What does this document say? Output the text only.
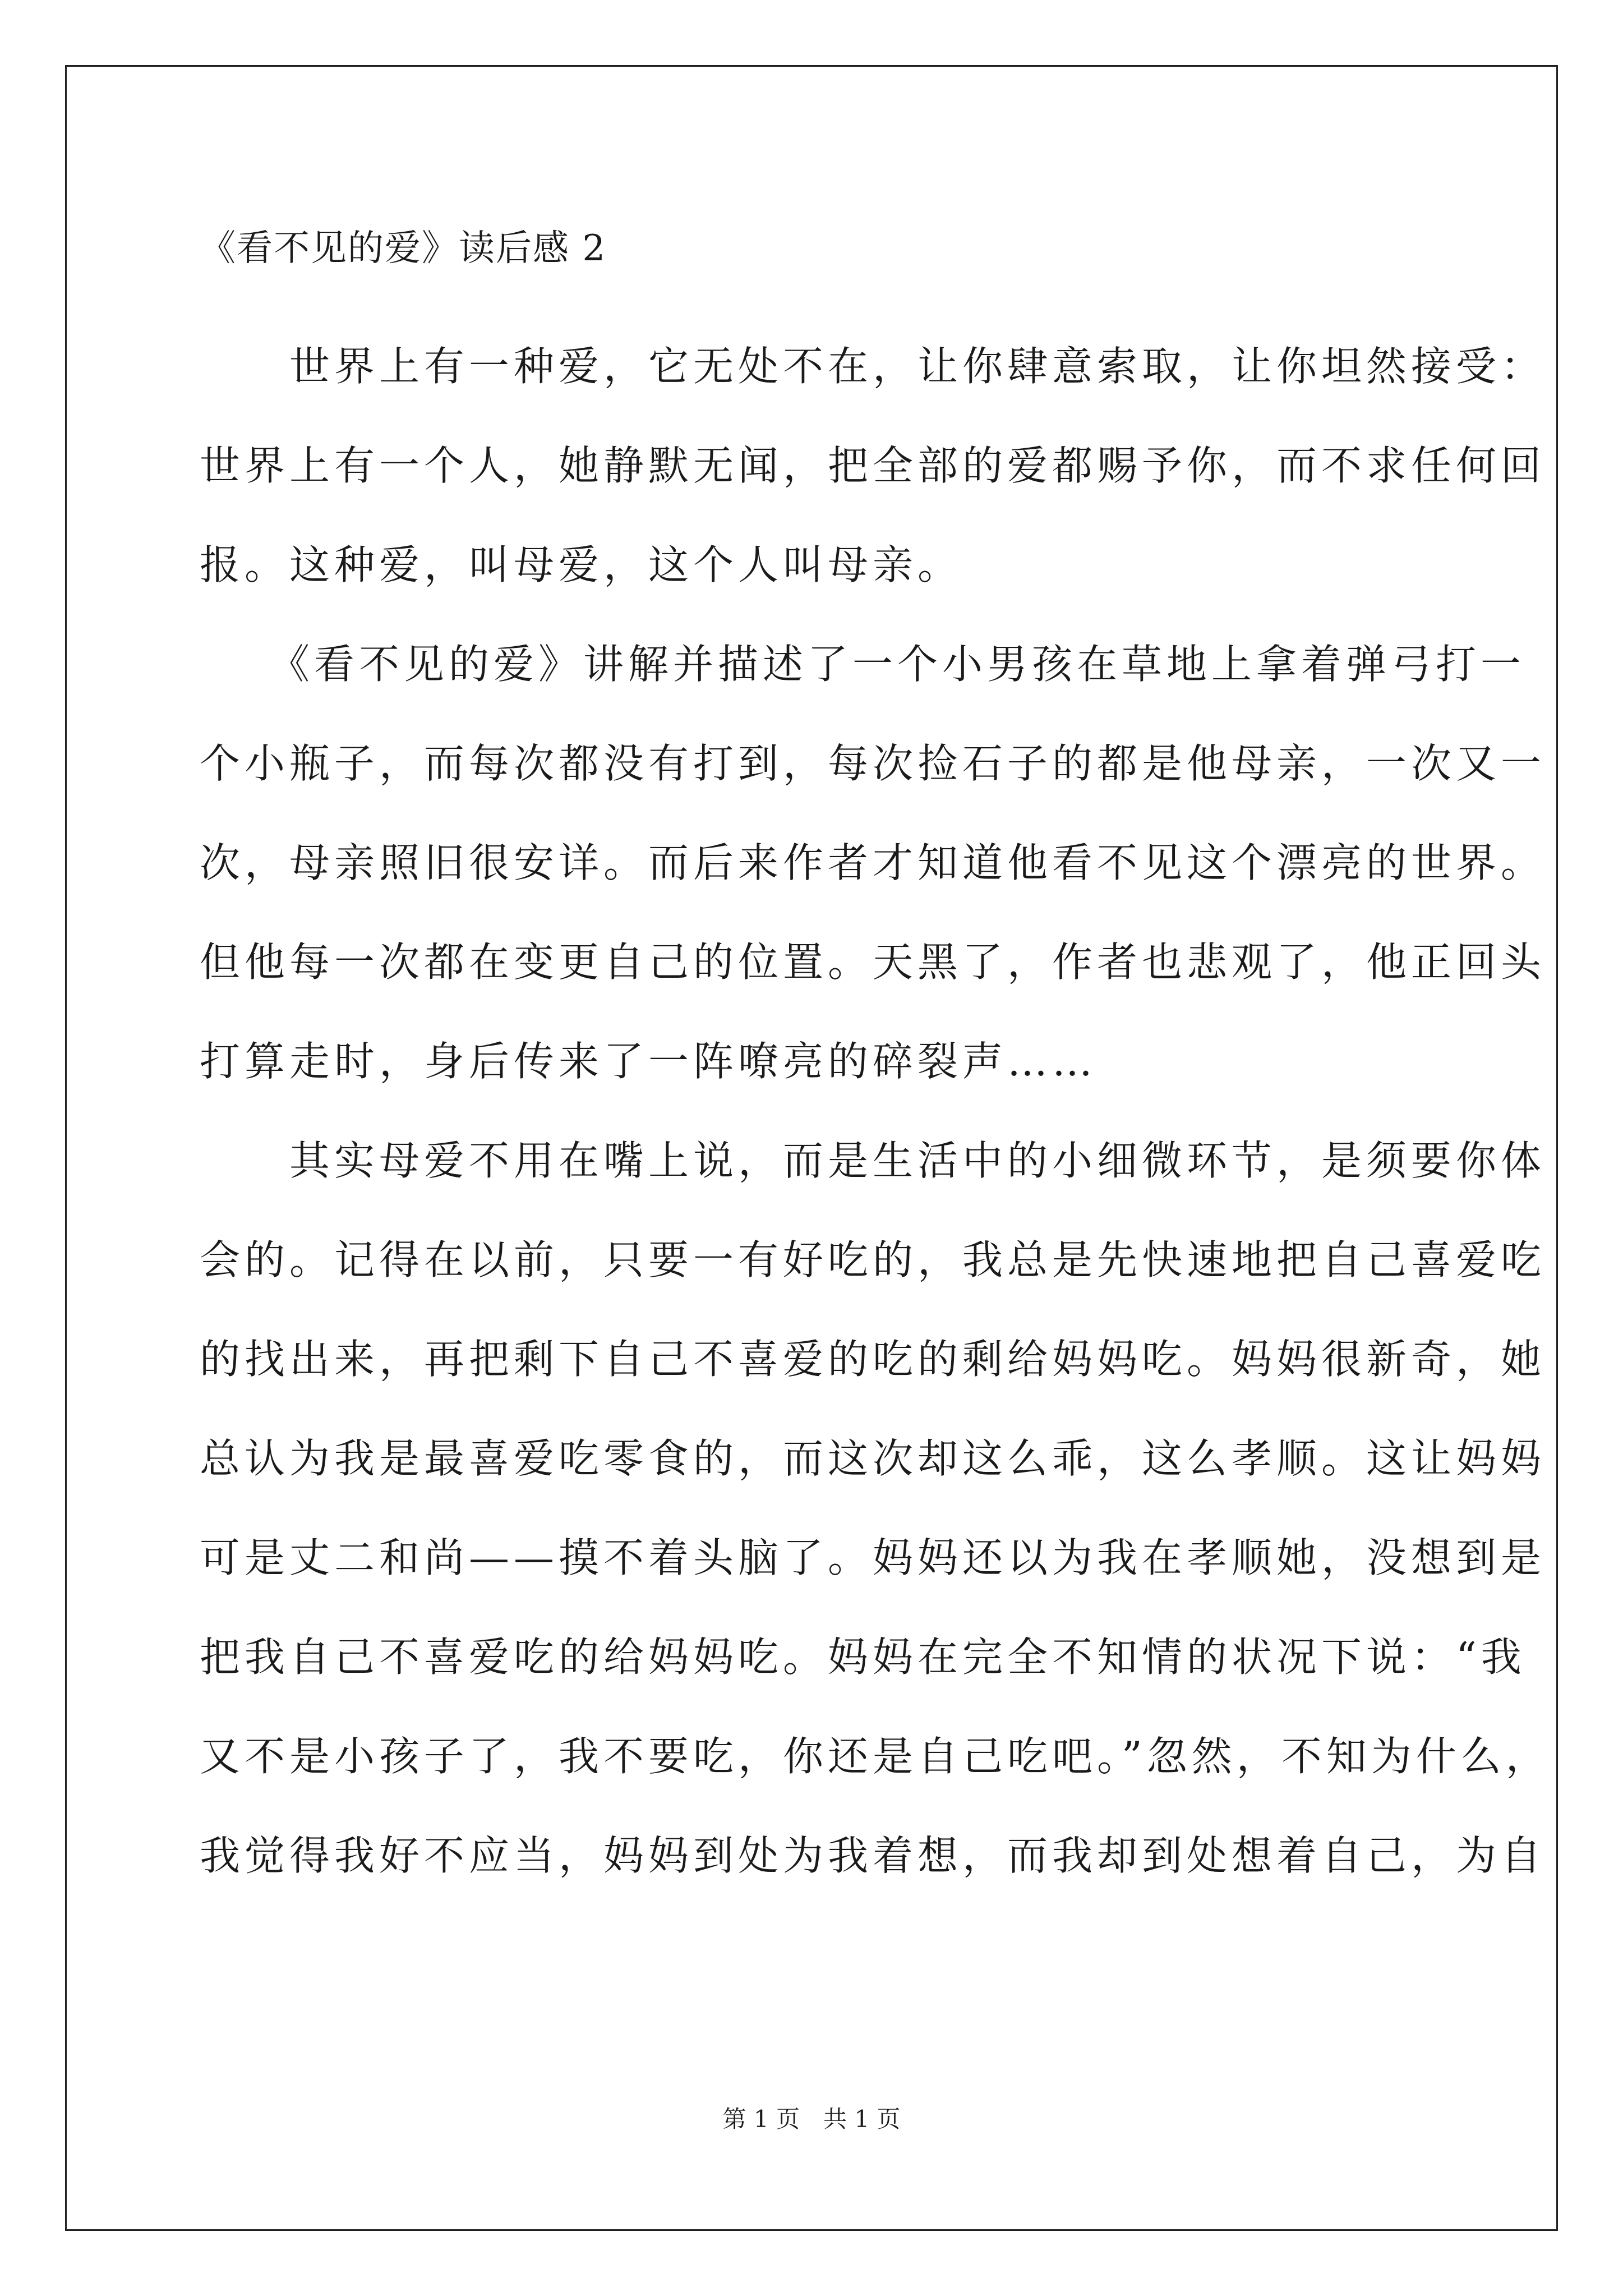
《看不见的爱》读后感 2
　　世界上有一种爱，它无处不在，让你肆意索取，让你坦然接受：
世界上有一个人，她静默无闻，把全部的爱都赐予你，而不求任何回
报。这种爱，叫母爱，这个人叫母亲。
　　《看不见的爱》讲解并描述了一个小男孩在草地上拿着弹弓打一
个小瓶子，而每次都没有打到，每次捡石子的都是他母亲，一次又一
次，母亲照旧很安详。而后来作者才知道他看不见这个漂亮的世界。
但他每一次都在变更自己的位置。天黑了，作者也悲观了，他正回头
打算走时，身后传来了一阵嘹亮的碎裂声……
　　其实母爱不用在嘴上说，而是生活中的小细微环节，是须要你体
会的。记得在以前，只要一有好吃的，我总是先快速地把自己喜爱吃
的找出来，再把剩下自己不喜爱的吃的剩给妈妈吃。妈妈很新奇，她
总认为我是最喜爱吃零食的，而这次却这么乖，这么孝顺。这让妈妈
可是丈二和尚——摸不着头脑了。妈妈还以为我在孝顺她，没想到是
把我自己不喜爱吃的给妈妈吃。妈妈在完全不知情的状况下说：“我
又不是小孩子了，我不要吃，你还是自己吃吧。”忽然，不知为什么，
我觉得我好不应当，妈妈到处为我着想，而我却到处想着自己，为自
第 1 页　共 1 页
